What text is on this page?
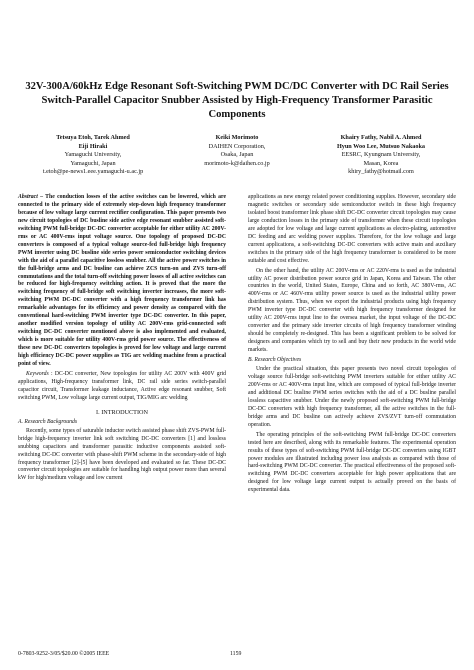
32V-300A/60kHz Edge Resonant Soft-Switching PWM DC/DC Converter with DC Rail Series Switch-Parallel Capacitor Snubber Assisted by High-Frequency Transformer Parasitic Components
Tetsuya Etoh, Tarek Ahmed
Eiji Hiraki
Yamaguchi University,
Yamaguchi, Japan
t.etoh@pe-news1.eee.yamaguchi-u.ac.jp
Keiki Morimoto
DAIHEN Corporation,
Osaka, Japan
morimoto-k@daihen.co.jp
Khairy Fathy, Nabil A. Ahmed
Hyun Woo Lee, Mutsuo Nakaoka
EESRC, Kyungnam University,
Masan, Korea
khiry_fathy@hotmail.com

Abstract – The conduction losses of the active switches can be lowered, which are connected to the primary side of extremely step-down high frequency transformer because of low voltage large current rectifier configuration. This paper presents two new circuit topologies of DC busline side active edge resonant snubber assisted soft-switching PWM full-bridge DC-DC converter acceptable for either utility AC 200V-rms or AC 400V-rms input voltage source. One topology of proposed DC-DC converters is composed of a typical voltage source-fed full-bridge high frequency PWM inverter using DC busline side series power semiconductor switching devices with the aid of a parallel capacitive lossless snubber. All the active power switches in the full-bridge arms and DC busline can achieve ZCS turn-on and ZVS turn-off commutations and the total turn-off switching power losses of all active switches can be reduced for high-frequency switching action. It is proved that the more the switching frequency of full-bridge soft switching inverter increases, the more soft-switching PWM DC-DC converter with a high frequency transformer link has remarkable advantages for its efficiency and power density as compared with the conventional hard-switching PWM inverter type DC-DC converter. In this paper, another modified version topology of utility AC 200V-rms grid-connected soft switching DC-DC converter mentioned above is also implemented and evaluated, which is more suitable for utility 400V-rms grid power source. The effectiveness of these new DC-DC converters topologies is proved for low voltage and large current high efficiency DC-DC power supplies as TIG arc welding machine from a practical point of view.

Keywords : DC-DC converter, New topologies for utility AC 200V with 400V grid applications, High-frequency transformer link, DC rail side series switch-parallel capacitor circuit, Transformer leakage inductance, Active edge resonant snubber, Soft switching PWM, Low voltage large current output, TIG/MIG arc welding

I. INTRODUCTION
A. Research Backgrounds

Recently, some types of saturable inductor switch assisted phase shift ZVS-PWM full-bridge high-frequency inverter link soft switching DC-DC converters [1] and lossless snubbing capacitors and transformer parasitic inductive components assisted soft-switching DC-DC converter with phase-shift PWM scheme in the secondary-side of high frequency transformer [2]-[5] have been developed and evaluated so far. These DC-DC converter circuit topologies are suitable for handling high output power more than several kW for high/medium voltage and low current

applications as new energy related power conditioning supplies. However, secondary side magnetic switches or secondary side semiconductor switch in these high frequency isolated boost transformer link phase shift DC-DC converter circuit topologies may cause large conduction losses in the primary side of transformer when these circuit topologies are adopted for low voltage and large current applications as electro-plating, automotive DC feeding and arc welding power supplies. Therefore, for the low voltage and large current applications, a soft-switching DC-DC converters with active main and auxiliary switches in the primary side of the high frequency transformer is considered to be more suitable and cost effective.

On the other hand, the utility AC 200V-rms or AC 220V-rms is used as the industrial utility AC power distribution power source grid in Japan, Korea and Taiwan. The other countries in the world, United States, Europe, China and so forth, AC 380V-rms, AC 400V-rms or AC 460V-rms utility power source is used as the industrial utility power distribution system. Thus, when we export the industrial products using high frequency PWM inverter type DC-DC converter with high frequency transformer designed for utility AC 200V-rms input line to the oversea market, the input voltage of the DC-DC converter and the primary side inverter circuits of high frequency transformer winding should be completely re-designed. This has been a significant problem to be solved for designers and companies which try to sell and buy their new products in the world wide markets.

B. Research Objectives

Under the practical situation, this paper presents two novel circuit topologies of voltage source full-bridge soft-switching PWM inverters suitable for either utility AC 200V-rms or AC 400V-rms input line, which are composed of typical full-bridge inverter and additional DC busline PWM series switches with the aid of a DC busline parallel lossless capacitive snubber. Under the newly proposed soft-switching PWM full-bridge DC-DC converters with high frequency transformer, all the active switches in the full-bridge arms and DC busline can actively achieve ZVS/ZVT turn-off commutation operation.

The operating principles of the soft-switching PWM full-bridge DC-DC converters tested here are described, along with its remarkable features. The experimental operation results of these types of soft-switching PWM full-bridge DC-DC converters using IGBT power modules are illustrated including power loss analysis as compared with those of hard-switching PWM DC-DC converter. The practical effectiveness of the proposed soft-switching PWM DC-DC converters acceptable for high power applications that are designed for low voltage large current output is actually proved on the basis of experimental data.

0-7803-9252-3/05/$20.00 ©2005 IEEE	1159
